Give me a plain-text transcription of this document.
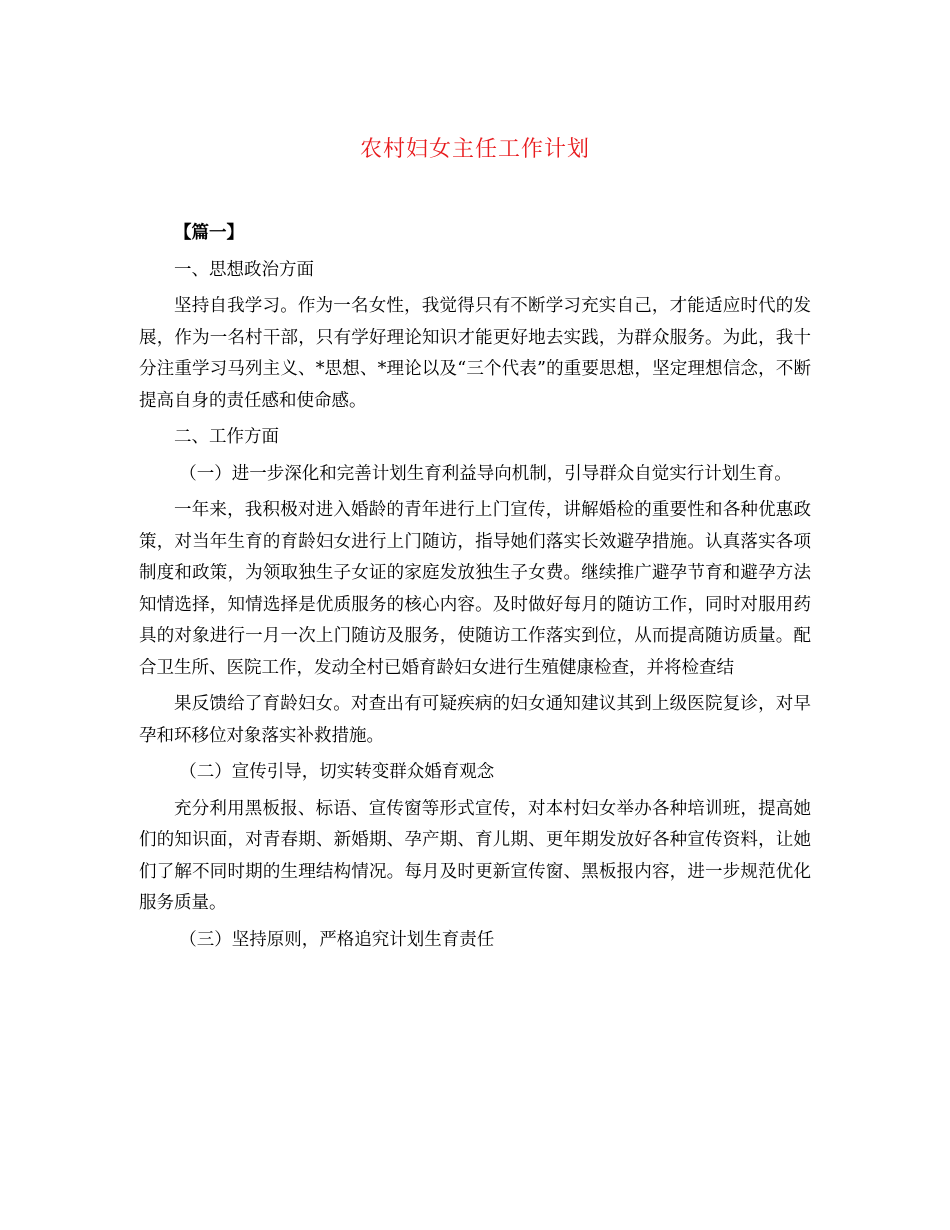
农村妇女主任工作计划

【篇一】

一、思想政治方面

坚持自我学习。作为一名女性，我觉得只有不断学习充实自己，才能适应时代的发展，作为一名村干部，只有学好理论知识才能更好地去实践，为群众服务。为此，我十分注重学习马列主义、*思想、*理论以及“三个代表”的重要思想，坚定理想信念，不断提高自身的责任感和使命感。

二、工作方面

（一）进一步深化和完善计划生育利益导向机制，引导群众自觉实行计划生育。

一年来，我积极对进入婚龄的青年进行上门宣传，讲解婚检的重要性和各种优惠政策，对当年生育的育龄妇女进行上门随访，指导她们落实长效避孕措施。认真落实各项制度和政策，为领取独生子女证的家庭发放独生子女费。继续推广避孕节育和避孕方法知情选择，知情选择是优质服务的核心内容。及时做好每月的随访工作，同时对服用药具的对象进行一月一次上门随访及服务，使随访工作落实到位，从而提高随访质量。配合卫生所、医院工作，发动全村已婚育龄妇女进行生殖健康检查，并将检查结

果反馈给了育龄妇女。对查出有可疑疾病的妇女通知建议其到上级医院复诊，对早孕和环移位对象落实补救措施。

（二）宣传引导，切实转变群众婚育观念

充分利用黑板报、标语、宣传窗等形式宣传，对本村妇女举办各种培训班，提高她们的知识面，对青春期、新婚期、孕产期、育儿期、更年期发放好各种宣传资料，让她们了解不同时期的生理结构情况。每月及时更新宣传窗、黑板报内容，进一步规范优化服务质量。

（三）坚持原则，严格追究计划生育责任
